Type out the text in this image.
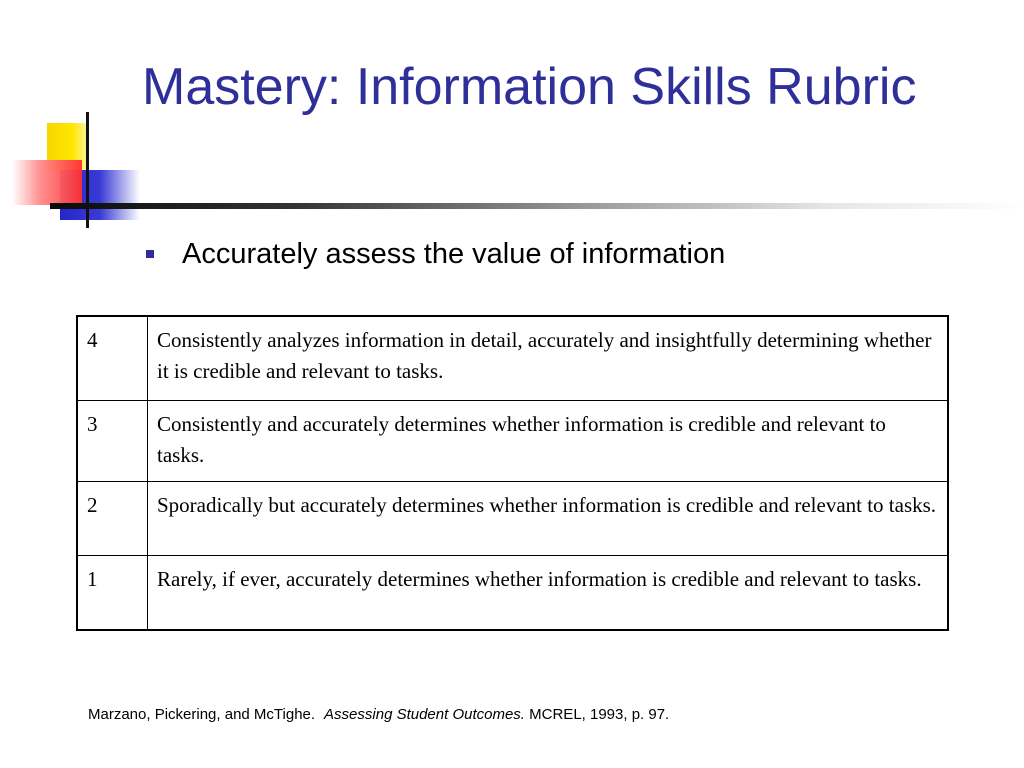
Mastery: Information Skills Rubric
Accurately assess the value of information
4	Consistently analyzes information in detail, accurately and insightfully determining whether it is credible and relevant to tasks.
3	Consistently and accurately determines whether information is credible and relevant to tasks.
2	Sporadically but accurately determines whether information is credible and relevant to tasks.
1	Rarely, if ever, accurately determines whether information is credible and relevant to tasks.
Marzano, Pickering, and McTighe. Assessing Student Outcomes. MCREL, 1993, p. 97.
